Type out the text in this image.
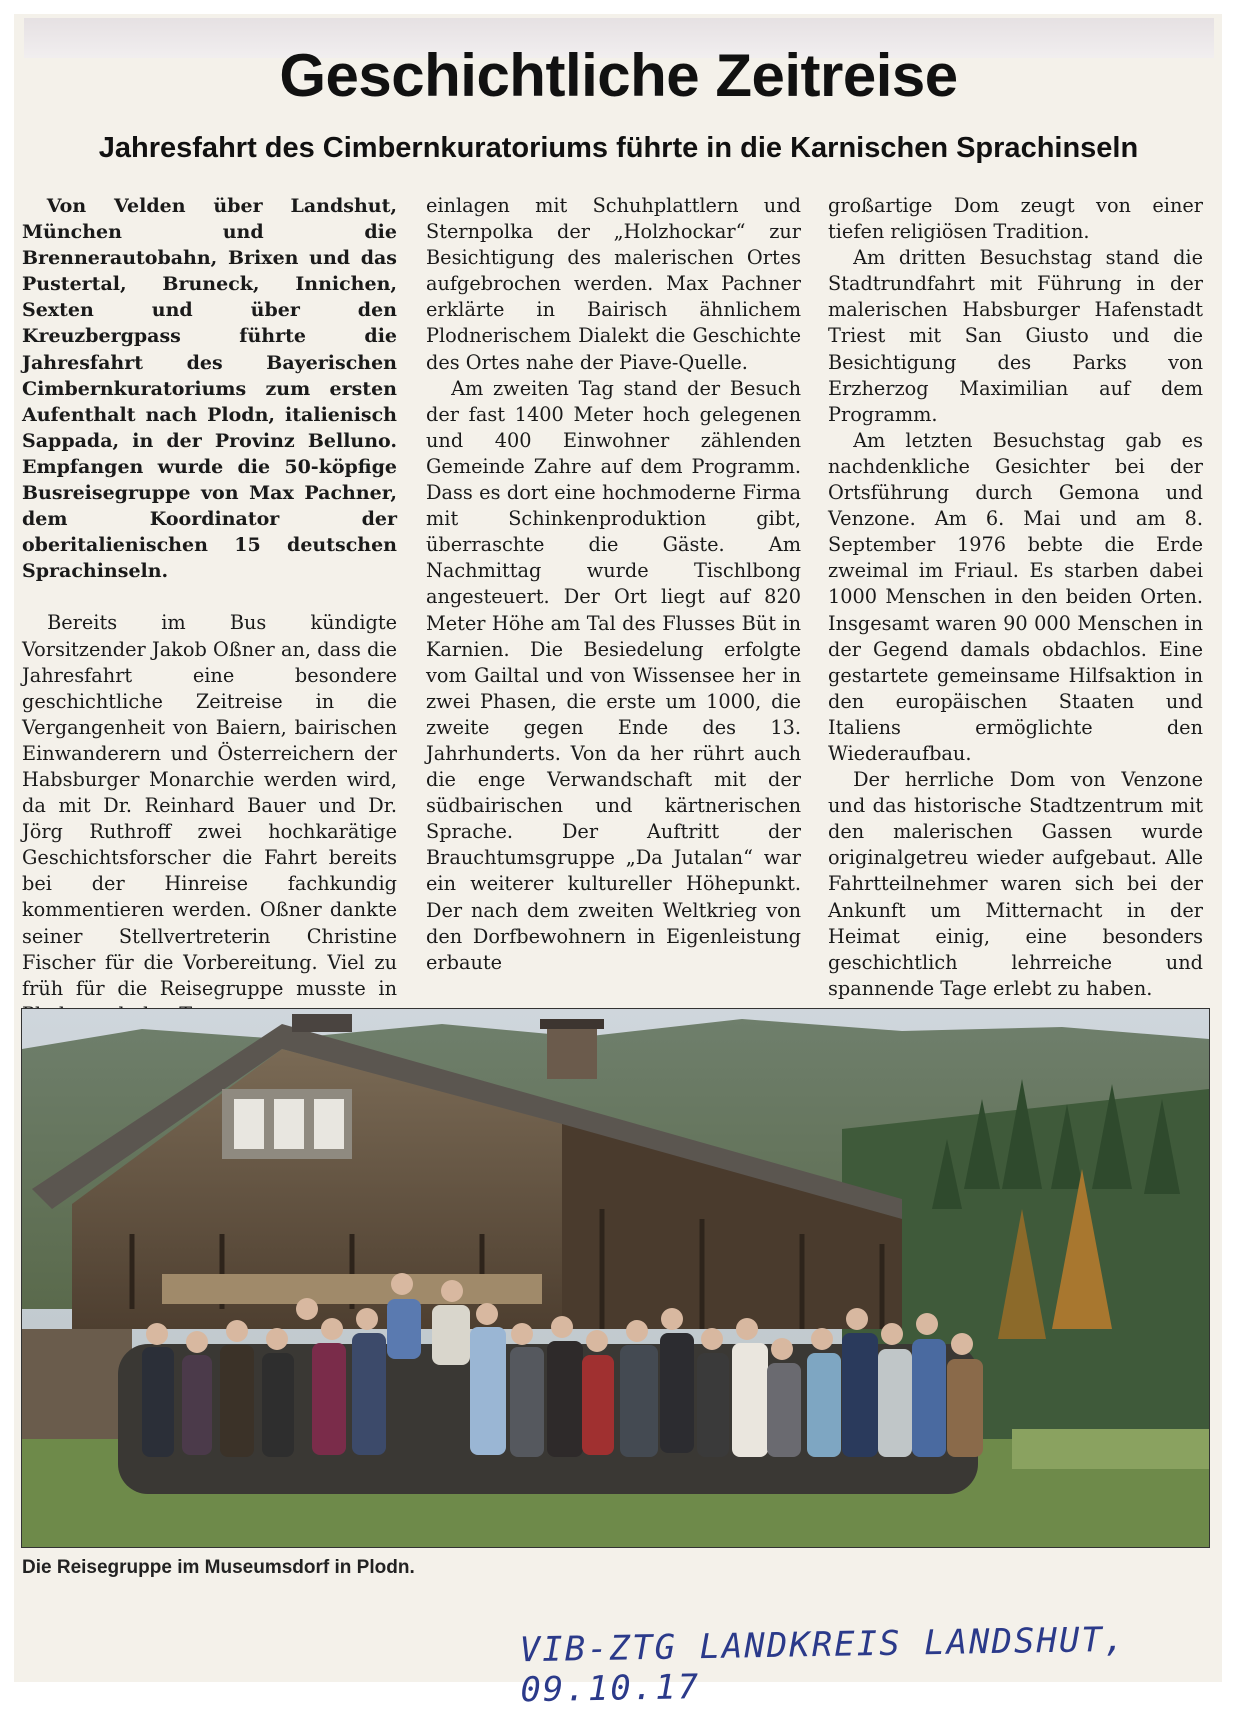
Geschichtliche Zeitreise
Jahresfahrt des Cimbernkuratoriums führte in die Karnischen Sprachinseln

Von Velden über Landshut, München und die Brennerautobahn, Brixen und das Pustertal, Bruneck, Innichen, Sexten und über den Kreuzbergpass führte die Jahresfahrt des Bayerischen Cimbernkuratoriums zum ersten Aufenthalt nach Plodn, italienisch Sappada, in der Provinz Belluno. Empfangen wurde die 50-köpfige Busreisegruppe von Max Pachner, dem Koordinator der oberitalienischen 15 deutschen Sprachinseln.

Bereits im Bus kündigte Vorsitzender Jakob Oßner an, dass die Jahresfahrt eine besondere geschichtliche Zeitreise in die Vergangenheit von Baiern, bairischen Einwanderern und Österreichern der Habsburger Monarchie werden wird, da mit Dr. Reinhard Bauer und Dr. Jörg Ruthroff zwei hochkarätige Geschichtsforscher die Fahrt bereits bei der Hinreise fachkundig kommentieren werden. Oßner dankte seiner Stellvertreterin Christine Fischer für die Vorbereitung. Viel zu früh für die Reisegruppe musste in

einlagen mit Schuhplattlern und Sternpolka der „Holzhockar“ zur Besichtigung des malerischen Ortes aufgebrochen werden. Max Pachner erklärte in Bairisch ähnlichem Plodnerischem Dialekt die Geschichte des Ortes nahe der Piave-Quelle.

Am zweiten Tag stand der Besuch der fast 1400 Meter hoch gelegenen und 400 Einwohner zählenden Gemeinde Zahre auf dem Programm. Dass es dort eine hochmoderne Firma mit Schinkenproduktion gibt, überraschte die Gäste. Am Nachmittag wurde Tischlbong angesteuert. Der Ort liegt auf 820 Meter Höhe am Tal des Flusses Büt in Karnien. Die Besiedelung erfolgte vom Gailtal und von Wissensee her in zwei Phasen, die erste um 1000, die zweite gegen Ende des 13. Jahrhunderts. Von da her rührt auch die enge Verwandschaft mit der südbairischen und kärtnerischen Sprache. Der Auftritt der Brauchtumsgruppe „Da Jutalan“ war ein weiterer kultureller Höhepunkt. Der nach dem zweiten Weltkrieg von den Dorfbewohnern in Eigenleistung erbaute

großartige Dom zeugt von einer tiefen religiösen Tradition.

Am dritten Besuchstag stand die Stadtrundfahrt mit Führung in der malerischen Habsburger Hafenstadt Triest mit San Giusto und die Besichtigung des Parks von Erzherzog Maximilian auf dem Programm.

Am letzten Besuchstag gab es nachdenkliche Gesichter bei der Ortsführung durch Gemona und Venzone. Am 6. Mai und am 8. September 1976 bebte die Erde zweimal im Friaul. Es starben dabei 1000 Menschen in den beiden Orten. Insgesamt waren 90 000 Menschen in der Gegend damals obdachlos. Eine gestartete gemeinsame Hilfsaktion in den europäischen Staaten und Italiens ermöglichte den Wiederaufbau.

Der herrliche Dom von Venzone und das historische Stadtzentrum mit den malerischen Gassen wurde originalgetreu wieder aufgebaut. Alle Fahrtteilnehmer waren sich bei der Ankunft um Mitternacht in der Heimat einig, eine besonders geschichtlich lehrreiche und spannende Tage erlebt zu haben.

Die Reisegruppe im Museumsdorf in Plodn.
VIB-ZTG LANDKREIS LANDSHUT, 09.10.17
